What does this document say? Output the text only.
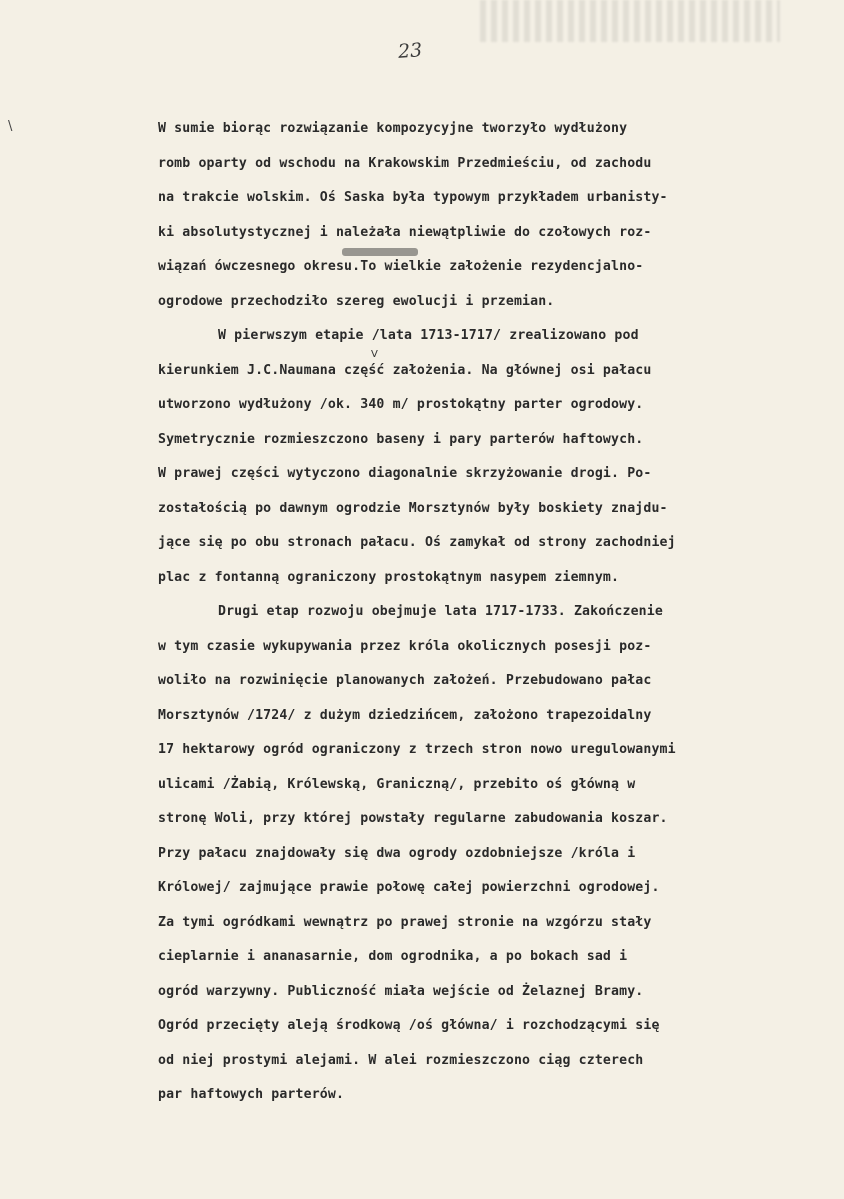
23
\	W sumie biorąc rozwiązanie kompozycyjne tworzyło wydłużony
romb oparty od wschodu na Krakowskim Przedmieściu, od zachodu
na trakcie wolskim. Oś Saska była typowym przykładem urbanisty-
ki absolutystycznej i należała niewątpliwie do czołowych roz-
wiązań ówczesnego okresu.To wielkie założenie rezydencjalno-
ogrodowe przechodziło szereg ewolucji i przemian.
W pierwszym etapie /lata 1713-1717/ zrealizowano pod
kierunkiem J.C.Naumana część założenia. Na głównej osi pałacu
utworzono wydłużony /ok. 340 m/ prostokątny parter ogrodowy.
Symetrycznie rozmieszczono baseny i pary parterów haftowych.
W prawej części wytyczono diagonalnie skrzyżowanie drogi. Po-
zostałością po dawnym ogrodzie Morsztynów były boskiety znajdu-
jące się po obu stronach pałacu. Oś zamykał od strony zachodniej
plac z fontanną ograniczony prostokątnym nasypem ziemnym.
Drugi etap rozwoju obejmuje lata 1717-1733. Zakończenie
w tym czasie wykupywania przez króla okolicznych posesji poz-
woliło na rozwinięcie planowanych założeń. Przebudowano pałac
Morsztynów /1724/ z dużym dziedzińcem, założono trapezoidalny
17 hektarowy ogród ograniczony z trzech stron nowo uregulowanymi
ulicami /Żabią, Królewską, Graniczną/, przebito oś główną w
stronę Woli, przy której powstały regularne zabudowania koszar.
Przy pałacu znajdowały się dwa ogrody ozdobniejsze /króla i
Królowej/ zajmujące prawie połowę całej powierzchni ogrodowej.
Za tymi ogródkami wewnątrz po prawej stronie na wzgórzu stały
cieplarnie i ananasarnie, dom ogrodnika, a po bokach sad i
ogród warzywny. Publiczność miała wejście od Żelaznej Bramy.
Ogród przecięty aleją środkową /oś główna/ i rozchodzącymi się
od niej prostymi alejami. W alei rozmieszczono ciąg czterech
par haftowych parterów.
V
